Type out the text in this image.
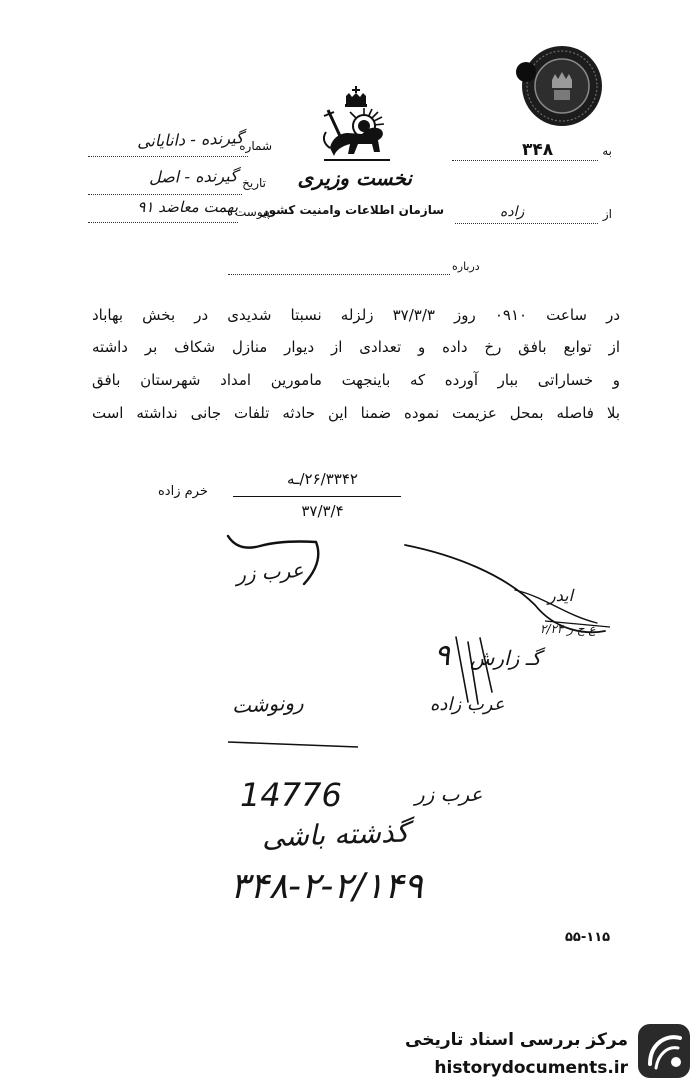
شماره
گیرنده - دانایانی
تاریخ
گیرنده - اصل
پیوست
بهمت معاضد ۹۱
نخست وزیری
سازمان اطلاعات وامنیت کشور
به
۳۴۸
از
زاده
درباره
در ساعت ۰۹۱۰ روز ۳۷/۳/۳ زلزله نسبتا شدیدی در بخش بهاباد
از توابع بافق رخ داده و تعدادی از دیوار منازل شکاف بر داشته
و خساراتی ببار آورده که باینجهت مامورین امداد شهرستان بافق
بلا فاصله بمحل عزیمت نموده ضمنا این حادثه تلفات جانی نداشته است
خرم زاده
هـ/۲۶/۳۳۴۲
۳۷/۳/۴
عرب زر
ایدر
ع ج ر ۲/۲۴
گـ زارش
۹
عرب زاده
رونوشت
14776	عرب زر
گذشته باشی
۳۴۸-۲-۲/۱۴۹
۵۵-۱۱۵
مرکز بررسی اسناد تاریخی
historydocuments.ir
